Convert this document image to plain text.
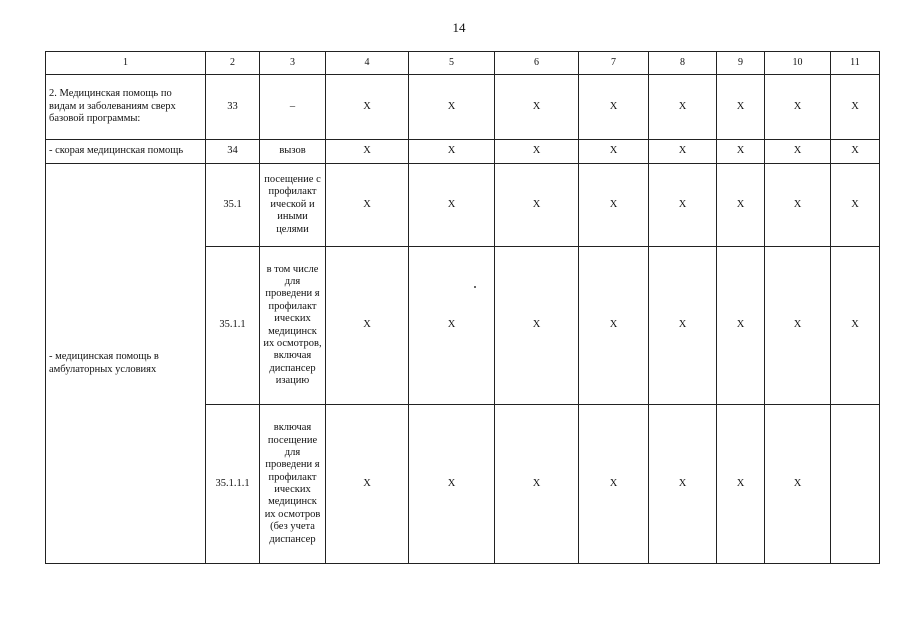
14
1	2	3	4	5	6	7	8	9	10	11
2. Медицинская помощь по видам и заболеваниям сверх базовой программы:	33	–	X	X	X	X	X	X	X	X
- скорая медицинская помощь	34	вызов	X	X	X	X	X	X	X	X
- медицинская помощь в амбулаторных условиях	35.1	посещение с профилакт ической и иными целями	X	X	X	X	X	X	X	X
	35.1.1	в том числе для проведени я профилакт ических медицинск их осмотров, включая диспансер изацию	X	X	X	X	X	X	X	X
	35.1.1.1	включая посещение для проведени я профилакт ических медицинск их осмотров (без учета диспансер	X	X	X	X	X	X	X	
